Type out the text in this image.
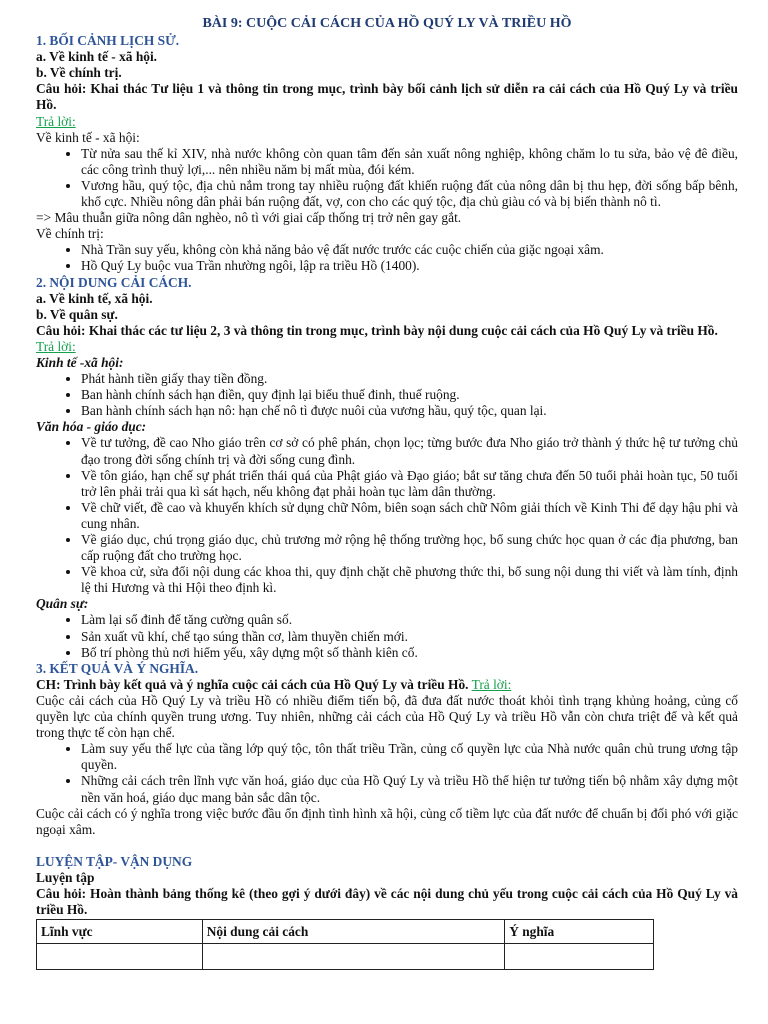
BÀI 9: CUỘC CẢI CÁCH CỦA HỒ QUÝ LY VÀ TRIỀU HỒ
1. BỐI CẢNH LỊCH SỬ.
a. Về kinh tế - xã hội.
b. Về chính trị.
Câu hỏi: Khai thác Tư liệu 1 và thông tin trong mục, trình bày bối cảnh lịch sử diễn ra cải cách của Hồ Quý Ly và triều Hồ.
Trả lời:
Về kinh tế - xã hội:
• Từ nửa sau thế kỉ XIV, nhà nước không còn quan tâm đến sản xuất nông nghiệp, không chăm lo tu sửa, bảo vệ đê điều, các công trình thuỷ lợi,... nên nhiều năm bị mất mùa, đói kém.
• Vương hầu, quý tộc, địa chủ nắm trong tay nhiều ruộng đất khiến ruộng đất của nông dân bị thu hẹp, đời sống bấp bênh, khổ cực. Nhiều nông dân phải bán ruộng đất, vợ, con cho các quý tộc, địa chủ giàu có và bị biến thành nô tì.
=> Mâu thuẫn giữa nông dân nghèo, nô tì với giai cấp thống trị trở nên gay gắt.
Về chính trị:
• Nhà Trần suy yếu, không còn khả năng bảo vệ đất nước trước các cuộc chiến của giặc ngoại xâm.
• Hồ Quý Ly buộc vua Trần nhường ngôi, lập ra triều Hồ (1400).
2. NỘI DUNG CẢI CÁCH.
a. Về kinh tế, xã hội.
b. Về quân sự.
Câu hỏi: Khai thác các tư liệu 2, 3 và thông tin trong mục, trình bày nội dung cuộc cải cách của Hồ Quý Ly và triều Hồ.
Trả lời:
Kinh tế -xã hội:
• Phát hành tiền giấy thay tiền đồng.
• Ban hành chính sách hạn điền, quy định lại biểu thuế đinh, thuế ruộng.
• Ban hành chính sách hạn nô: hạn chế nô tì được nuôi của vương hầu, quý tộc, quan lại.
Văn hóa - giáo dục:
• Về tư tưởng, đề cao Nho giáo trên cơ sở có phê phán, chọn lọc; từng bước đưa Nho giáo trở thành ý thức hệ tư tưởng chủ đạo trong đời sống chính trị và đời sống cung đình.
• Về tôn giáo, hạn chế sự phát triển thái quá của Phật giáo và Đạo giáo; bắt sư tăng chưa đến 50 tuổi phải hoàn tục, 50 tuổi trở lên phải trải qua kì sát hạch, nếu không đạt phải hoàn tục làm dân thường.
• Về chữ viết, đề cao và khuyến khích sử dụng chữ Nôm, biên soạn sách chữ Nôm giải thích về Kinh Thi để dạy hậu phi và cung nhân.
• Về giáo dục, chú trọng giáo dục, chủ trương mở rộng hệ thống trường học, bổ sung chức học quan ở các địa phương, ban cấp ruộng đất cho trường học.
• Về khoa cử, sửa đổi nội dung các khoa thi, quy định chặt chẽ phương thức thi, bổ sung nội dung thi viết và làm tính, định lệ thi Hương và thi Hội theo định kì.
Quân sự:
• Làm lại sổ đinh để tăng cường quân số.
• Sản xuất vũ khí, chế tạo súng thần cơ, làm thuyền chiến mới.
• Bố trí phòng thủ nơi hiểm yếu, xây dựng một số thành kiên cố.
3. KẾT QUẢ VÀ Ý NGHĨA.
CH: Trình bày kết quả và ý nghĩa cuộc cải cách của Hồ Quý Ly và triều Hồ. Trả lời:
Cuộc cải cách của Hồ Quý Ly và triều Hồ có nhiều điểm tiến bộ, đã đưa đất nước thoát khỏi tình trạng khủng hoảng, củng cố quyền lực của chính quyền trung ương. Tuy nhiên, những cải cách của Hồ Quý Ly và triều Hồ vẫn còn chưa triệt để và kết quả trong thực tế còn hạn chế.
• Làm suy yếu thế lực của tầng lớp quý tộc, tôn thất triều Trần, củng cố quyền lực của Nhà nước quân chủ trung ương tập quyền.
• Những cải cách trên lĩnh vực văn hoá, giáo dục của Hồ Quý Ly và triều Hồ thể hiện tư tưởng tiến bộ nhằm xây dựng một nền văn hoá, giáo dục mang bản sắc dân tộc.
Cuộc cải cách có ý nghĩa trong việc bước đầu ổn định tình hình xã hội, củng cố tiềm lực của đất nước để chuẩn bị đối phó với giặc ngoại xâm.
LUYỆN TẬP- VẬN DỤNG
Luyện tập
Câu hỏi: Hoàn thành bảng thống kê (theo gợi ý dưới đây) về các nội dung chủ yếu trong cuộc cải cách của Hồ Quý Ly và triều Hồ.
Lĩnh vực	Nội dung cải cách	Ý nghĩa
